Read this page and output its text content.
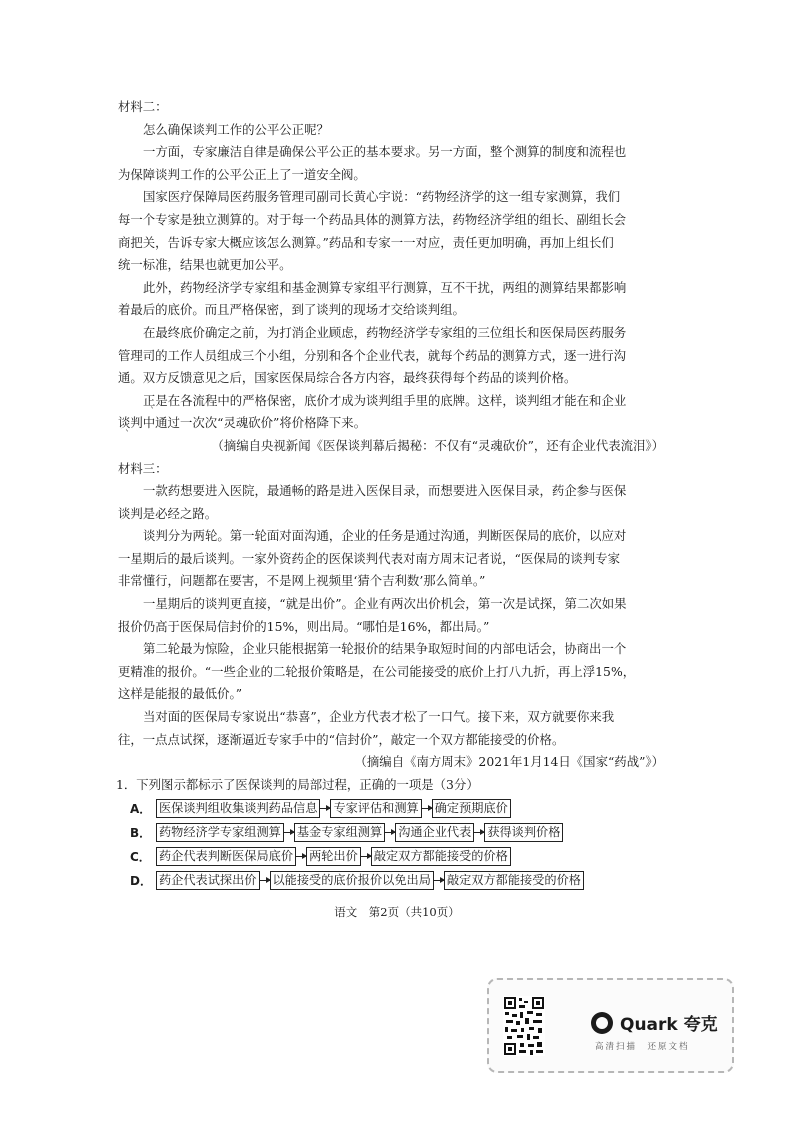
材料二：
怎么确保谈判工作的公平公正呢？
一方面，专家廉洁自律是确保公平公正的基本要求。另一方面，整个测算的制度和流程也
为保障谈判工作的公平公正上了一道安全阀。
国家医疗保障局医药服务管理司副司长黄心宇说：“药物经济学的这一组专家测算，我们
每一个专家是独立测算的。对于每一个药品具体的测算方法，药物经济学组的组长、副组长会
商把关，告诉专家大概应该怎么测算。”药品和专家一一对应，责任更加明确，再加上组长们
统一标准，结果也就更加公平。
此外，药物经济学专家组和基金测算专家组平行测算，互不干扰，两组的测算结果都影响
着最后的底价。而且严格保密，到了谈判的现场才交给谈判组。
在最终底价确定之前，为打消企业顾虑，药物经济学专家组的三位组长和医保局医药服务
管理司的工作人员组成三个小组，分别和各个企业代表，就每个药品的测算方式，逐一进行沟
通。双方反馈意见之后，国家医保局综合各方内容，最终获得每个药品的谈判价格。
正是在各流程中的严格保密，底价才成为谈判组手里的底牌。这样，谈判组才能在和企业
谈判中通过一次次“灵魂砍价”将价格降下来。
（摘编自央视新闻《医保谈判幕后揭秘：不仅有“灵魂砍价”，还有企业代表流泪》）
材料三：
一款药想要进入医院，最通畅的路是进入医保目录，而想要进入医保目录，药企参与医保
谈判是必经之路。
谈判分为两轮。第一轮面对面沟通，企业的任务是通过沟通，判断医保局的底价，以应对
一星期后的最后谈判。一家外资药企的医保谈判代表对南方周末记者说，“医保局的谈判专家
非常懂行，问题都在要害，不是网上视频里‘猜个吉利数’那么简单。”
一星期后的谈判更直接，“就是出价”。企业有两次出价机会，第一次是试探，第二次如果
报价仍高于医保局信封价的15%，则出局。“哪怕是16%，都出局。”
第二轮最为惊险，企业只能根据第一轮报价的结果争取短时间的内部电话会，协商出一个
更精准的报价。“一些企业的二轮报价策略是，在公司能接受的底价上打八九折，再上浮15%，
这样是能报的最低价。”
当对面的医保局专家说出“恭喜”，企业方代表才松了一口气。接下来，双方就要你来我
往，一点点试探，逐渐逼近专家手中的“信封价”，敲定一个双方都能接受的价格。
（摘编自《南方周末》2021年1月14日《国家“药战”》）
1．下列图示都标示了医保谈判的局部过程，正确的一项是（3分）
A． 医保谈判组收集谈判药品信息 专家评估和测算 确定预期底价
B． 药物经济学专家组测算 基金专家组测算 沟通企业代表 获得谈判价格
C． 药企代表判断医保局底价 两轮出价 敲定双方都能接受的价格
D． 药企代表试探出价 以能接受的底价报价以免出局 敲定双方都能接受的价格
ˋ
ˋ
语文　第2页（共10页）
Quark 夸克
高清扫描　还原文档
